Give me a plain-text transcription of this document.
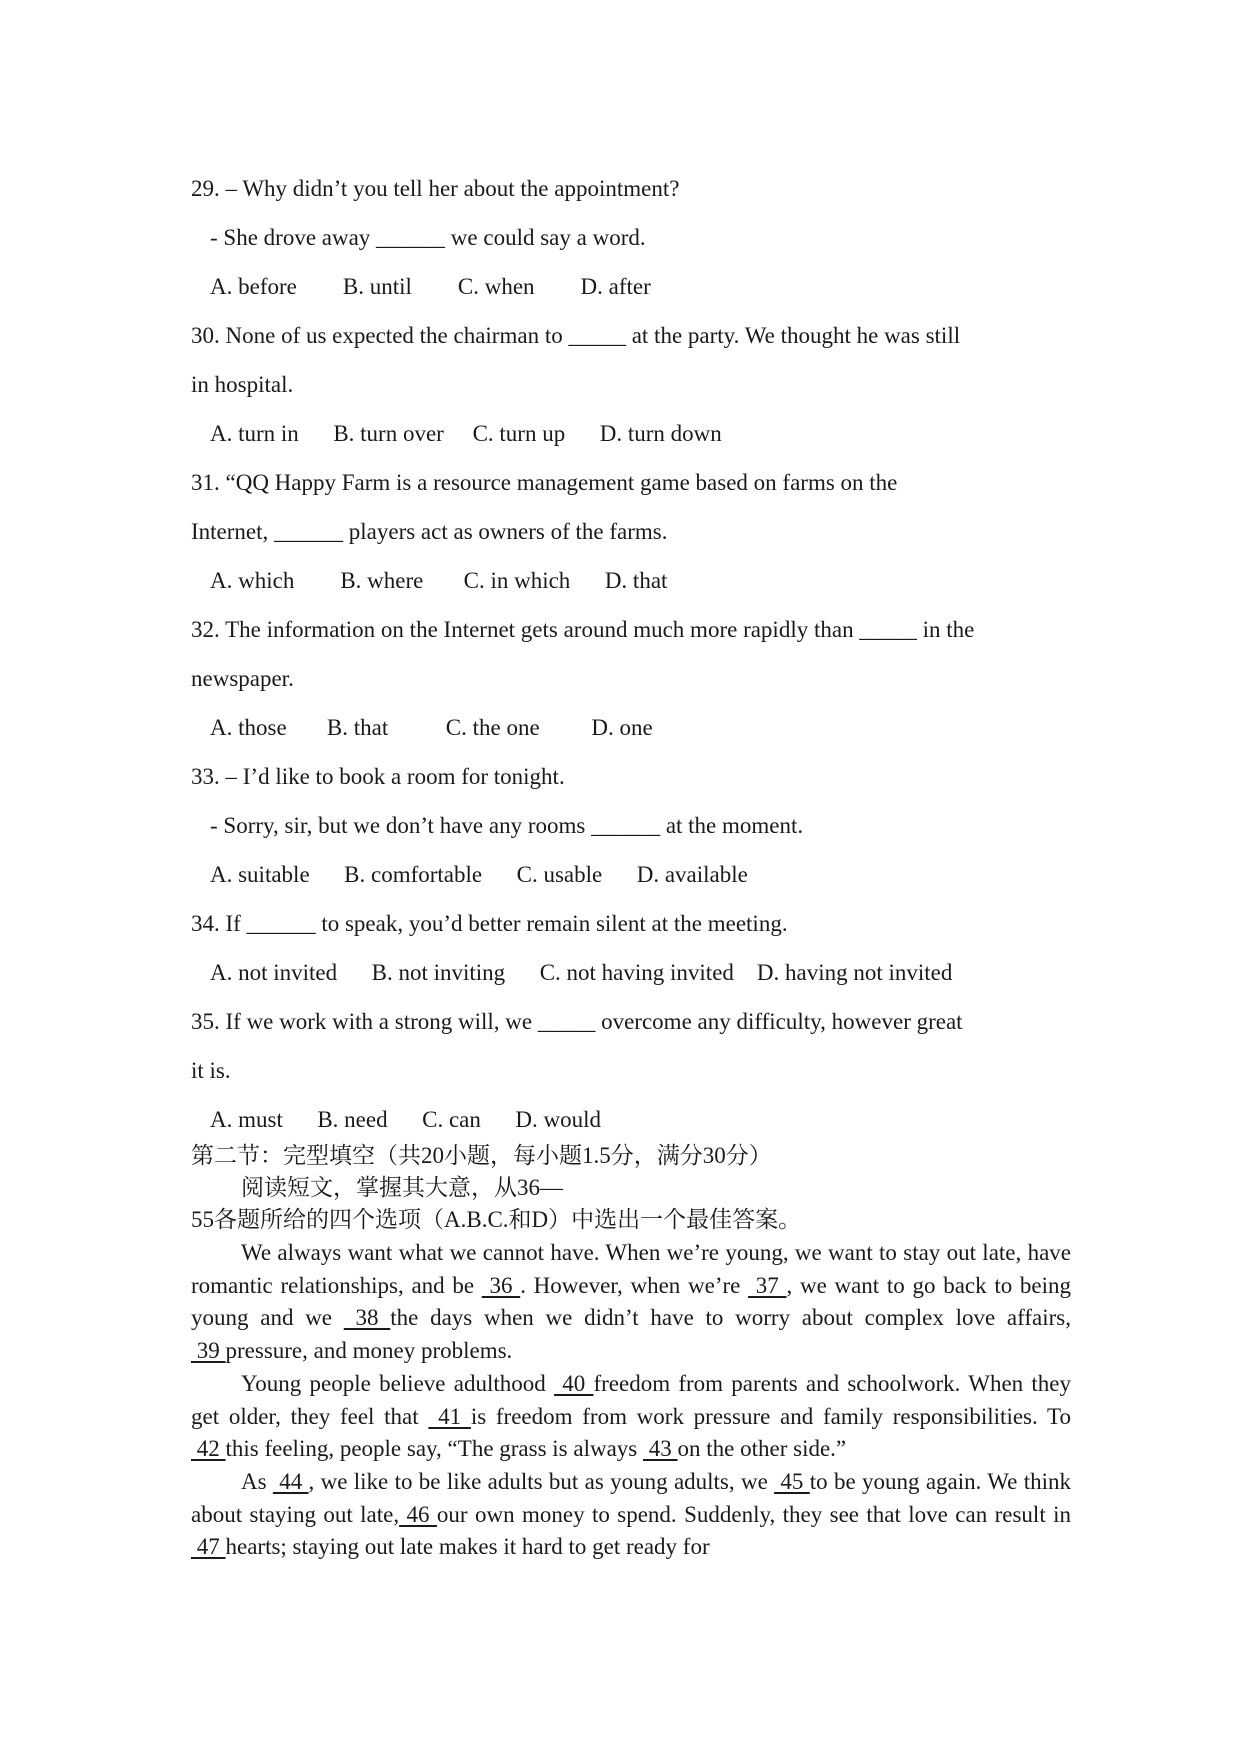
29. – Why didn’t you tell her about the appointment?
- She drove away ______ we could say a word.
A. before B. until C. when D. after
30. None of us expected the chairman to _____ at the party. We thought he was still
in hospital.
A. turn in B. turn over C. turn up D. turn down
31. “QQ Happy Farm is a resource management game based on farms on the
Internet, ______ players act as owners of the farms.
A. which B. where C. in which D. that
32. The information on the Internet gets around much more rapidly than _____ in the
newspaper.
A. those B. that	C. the one D. one
33. – I’d like to book a room for tonight.
- Sorry, sir, but we don’t have any rooms ______ at the moment.
A. suitable B. comfortable C. usable D. available
34. If ______ to speak, you’d better remain silent at the meeting.
A. not invited B. not inviting C. not having invited D. having not invited
35. If we work with a strong will, we _____ overcome any difficulty, however great
it is.
A. must B. need C. can D. would
第二节：完型填空（共20小题，每小题1.5分，满分30分）
阅读短文，掌握其大意，从36—
55各题所给的四个选项（A.B.C.和D）中选出一个最佳答案。

We always want what we cannot have. When we’re young, we want to stay out late, have romantic relationships, and be  36 . However, when we’re  37 , we want to go back to being young and we  38 the days when we didn’t have to worry about complex love affairs, 39 pressure, and money problems.

Young people believe adulthood  40 freedom from parents and schoolwork. When they get older, they feel that  41 is freedom from work pressure and family responsibilities. To  42 this feeling, people say, “The grass is always  43 on the other side.”

As  44 , we like to be like adults but as young adults, we  45 to be young again. We think about staying out late, 46 our own money to spend. Suddenly, they see that love can result in  47 hearts; staying out late makes it hard to get ready for
